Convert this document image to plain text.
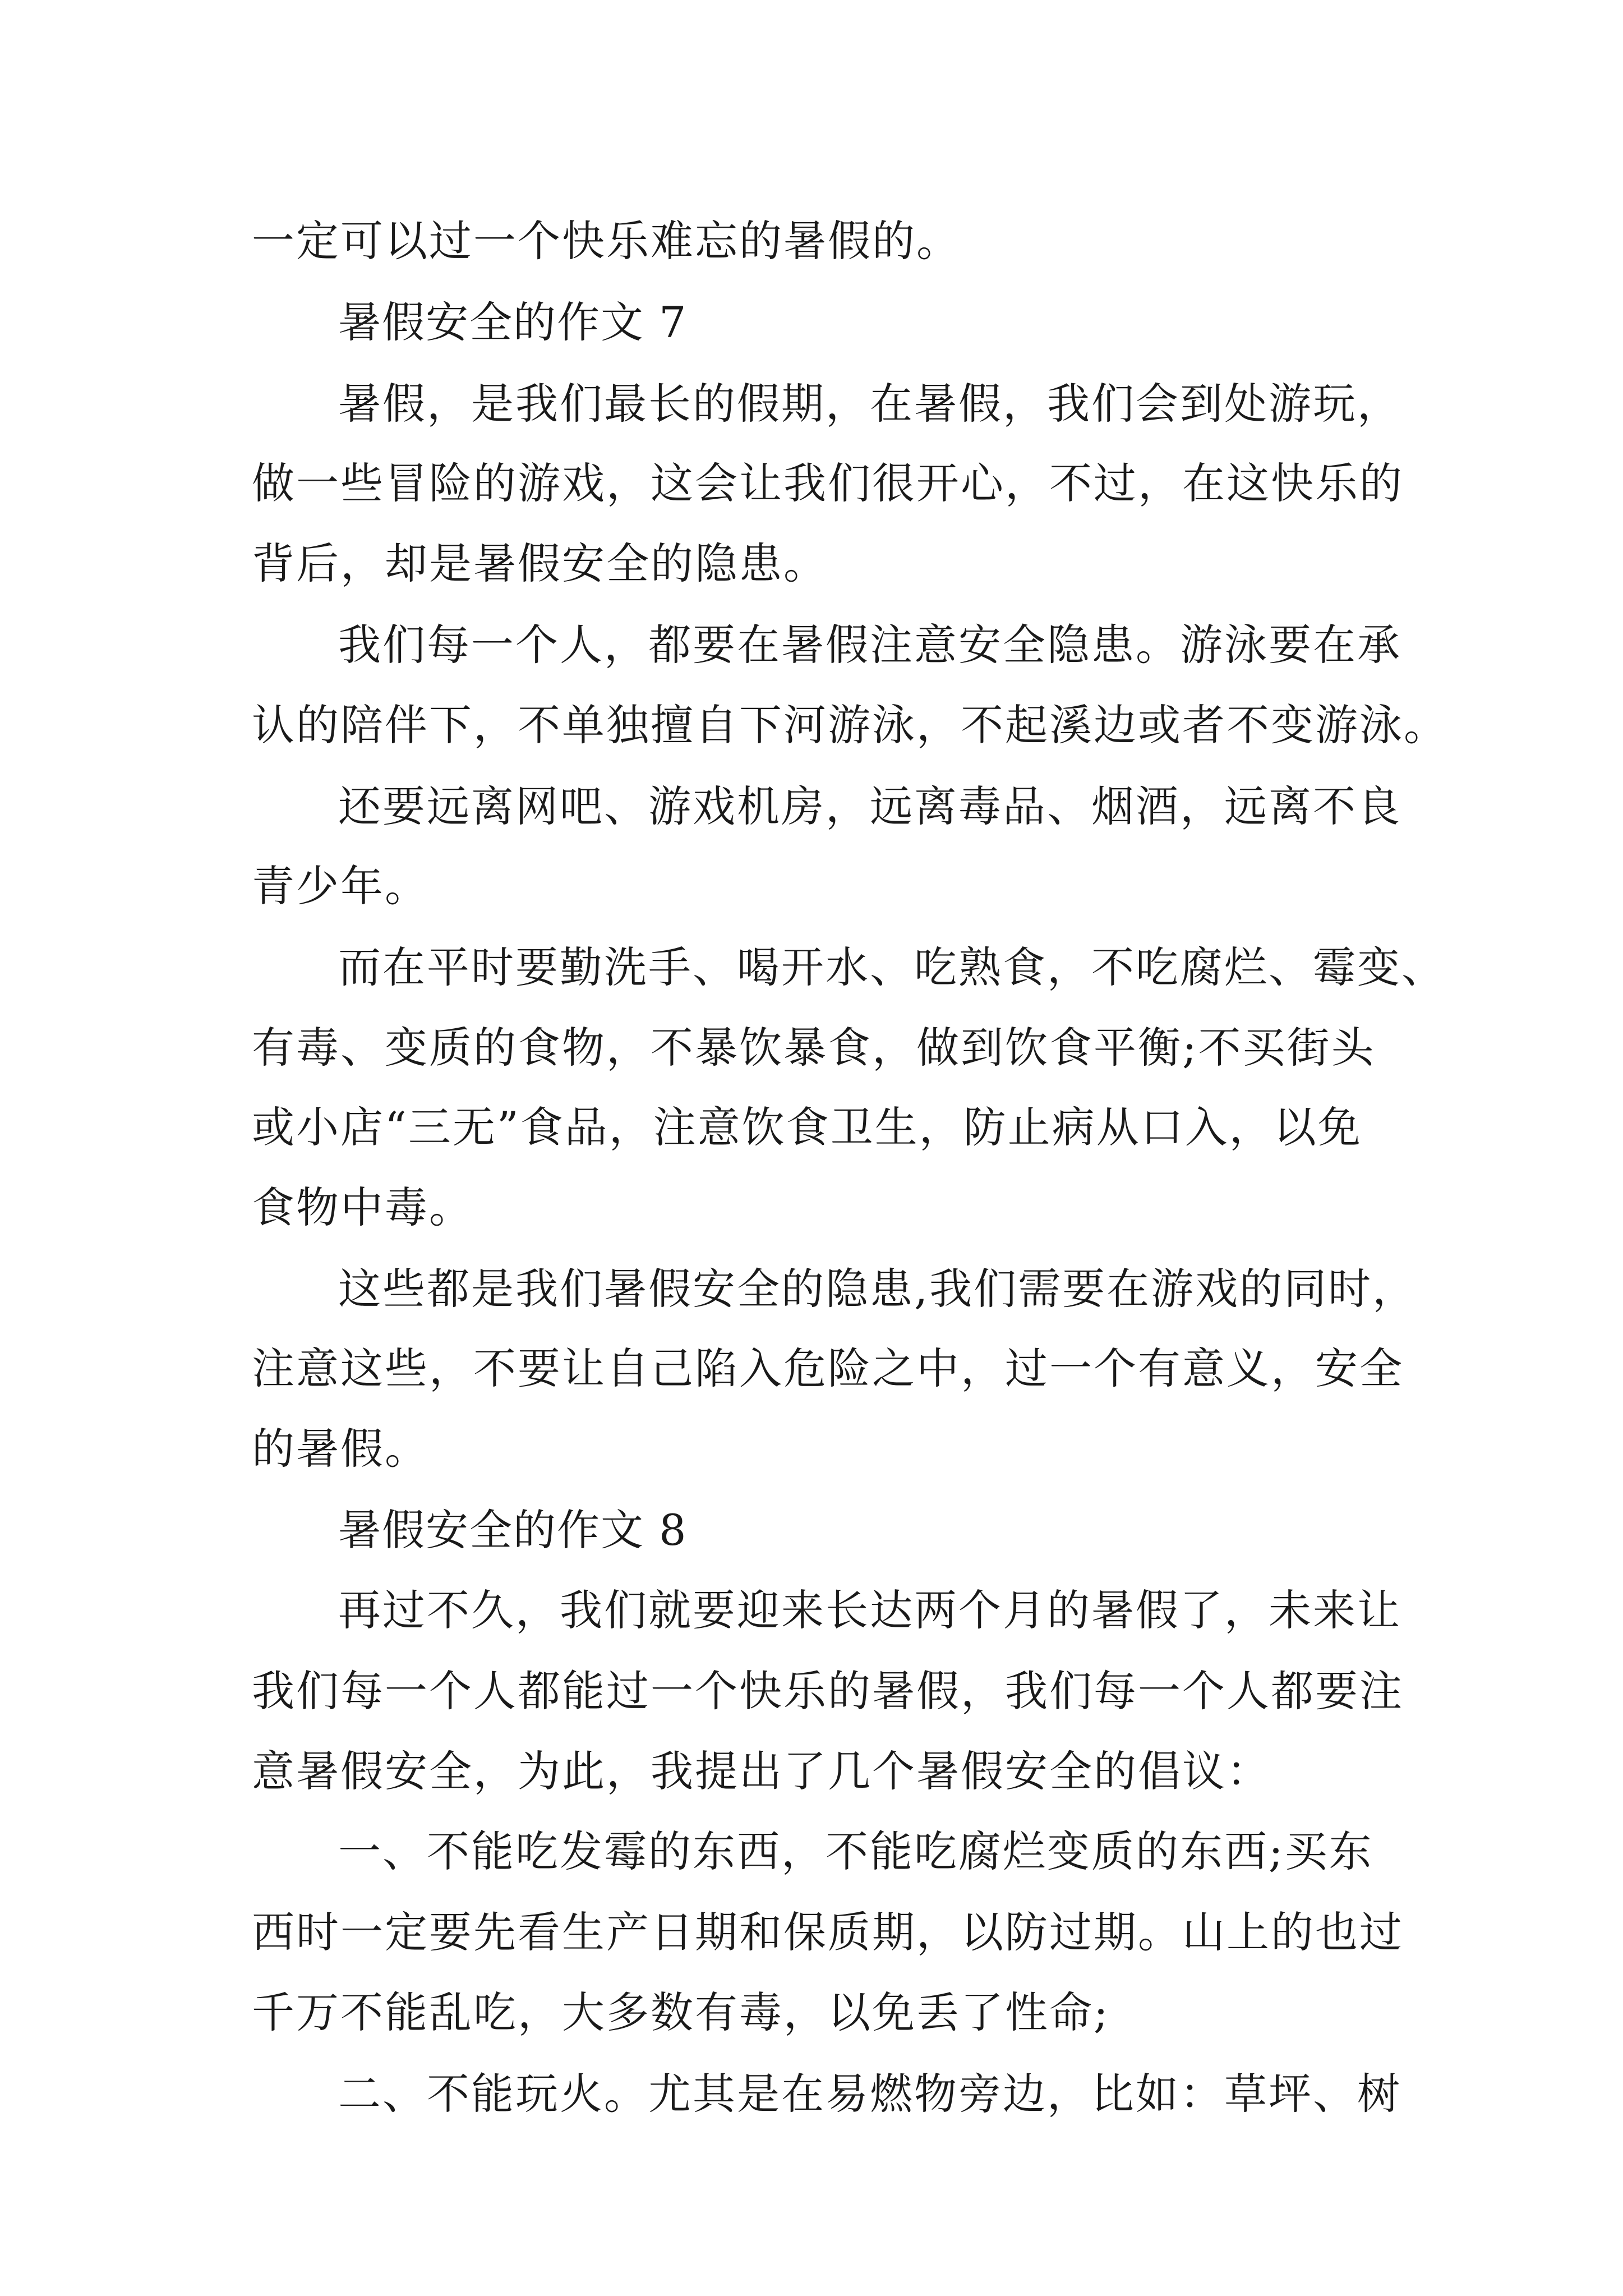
一定可以过一个快乐难忘的暑假的。

暑假安全的作文 7

暑假，是我们最长的假期，在暑假，我们会到处游玩，

做一些冒险的游戏，这会让我们很开心，不过，在这快乐的

背后，却是暑假安全的隐患。

我们每一个人，都要在暑假注意安全隐患。游泳要在承

认的陪伴下，不单独擅自下河游泳，不起溪边或者不变游泳。

还要远离网吧、游戏机房，远离毒品、烟酒，远离不良

青少年。

而在平时要勤洗手、喝开水、吃熟食，不吃腐烂、霉变、

有毒、变质的食物，不暴饮暴食，做到饮食平衡;不买街头

或小店“三无”食品，注意饮食卫生，防止病从口入，以免

食物中毒。

这些都是我们暑假安全的隐患,我们需要在游戏的同时，

注意这些，不要让自己陷入危险之中，过一个有意义，安全

的暑假。

暑假安全的作文 8

再过不久，我们就要迎来长达两个月的暑假了，未来让

我们每一个人都能过一个快乐的暑假，我们每一个人都要注

意暑假安全，为此，我提出了几个暑假安全的倡议：

一、不能吃发霉的东西，不能吃腐烂变质的东西;买东

西时一定要先看生产日期和保质期，以防过期。山上的也过

千万不能乱吃，大多数有毒，以免丢了性命;

二、不能玩火。尤其是在易燃物旁边，比如：草坪、树
